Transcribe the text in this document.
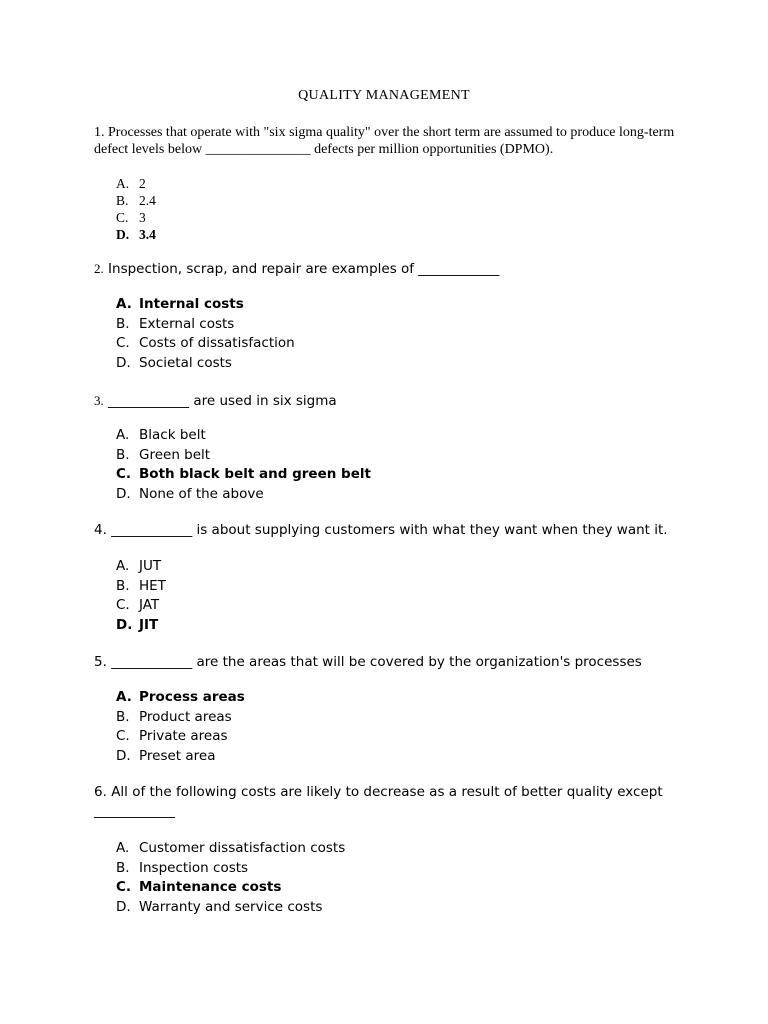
QUALITY MANAGEMENT
1. Processes that operate with "six sigma quality" over the short term are assumed to produce long-term defect levels below _______________ defects per million opportunities (DPMO).
A. 2
B. 2.4
C. 3
D. 3.4
2. Inspection, scrap, and repair are examples of ____________
A. Internal costs
B. External costs
C. Costs of dissatisfaction
D. Societal costs
3. ____________ are used in six sigma
A. Black belt
B. Green belt
C. Both black belt and green belt
D. None of the above
4. ____________ is about supplying customers with what they want when they want it.
A. JUT
B. HET
C. JAT
D. JIT
5. ____________ are the areas that will be covered by the organization's processes
A. Process areas
B. Product areas
C. Private areas
D. Preset area
6. All of the following costs are likely to decrease as a result of better quality except ____________
A. Customer dissatisfaction costs
B. Inspection costs
C. Maintenance costs
D. Warranty and service costs
